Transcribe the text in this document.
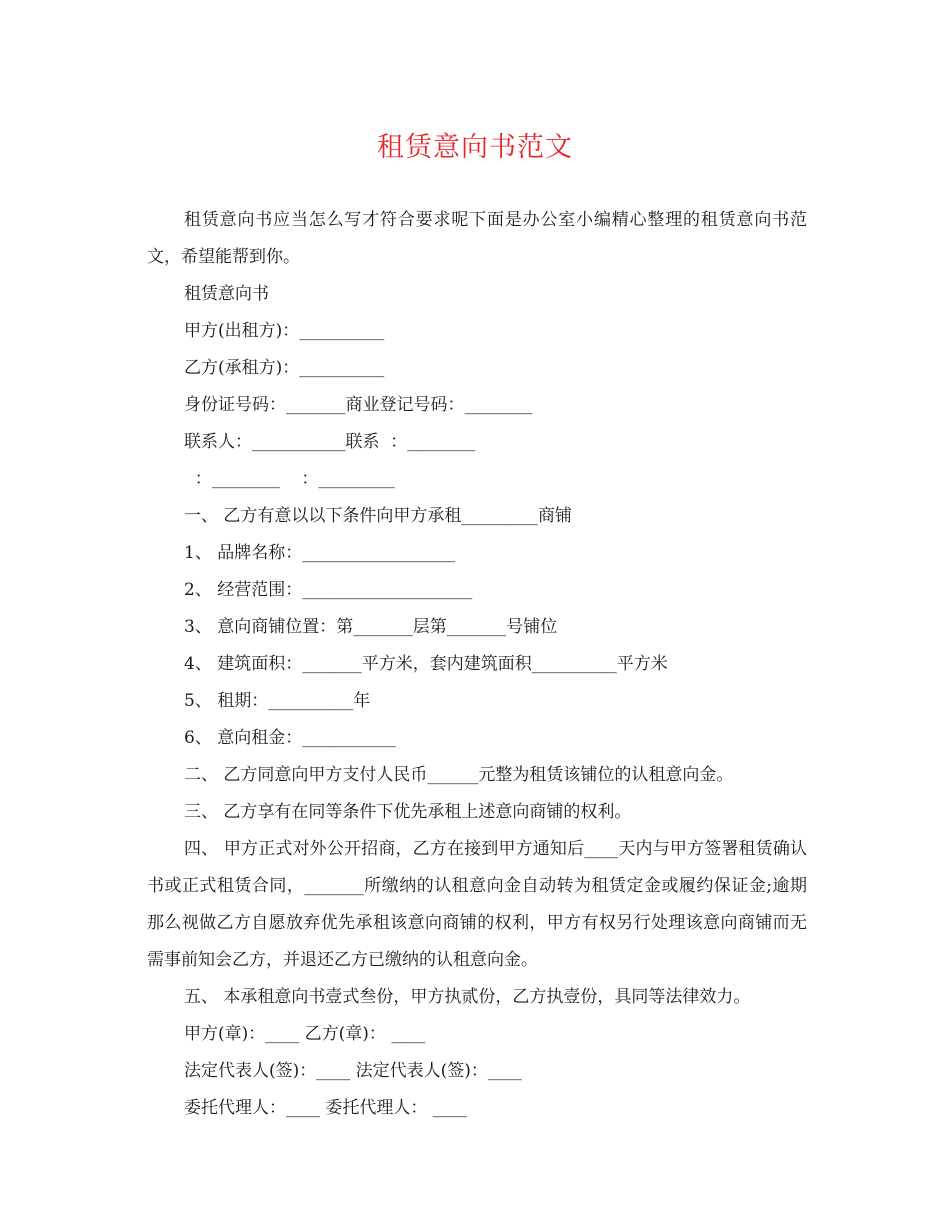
租赁意向书范文

租赁意向书应当怎么写才符合要求呢下面是办公室小编精心整理的租赁意向书范文，希望能帮到你。

租赁意向书

甲方(出租方)：__________

乙方(承租方)：__________

身份证号码：_______商业登记号码：________

联系人：___________联系  ：________

：________    ：_________

一、 乙方有意以以下条件向甲方承租_________商铺

1、 品牌名称：__________________

2、 经营范围：____________________

3、 意向商铺位置：第_______层第_______号铺位

4、 建筑面积：_______平方米，套内建筑面积__________平方米

5、 租期：__________年

6、 意向租金：___________

二、 乙方同意向甲方支付人民币______元整为租赁该铺位的认租意向金。

三、 乙方享有在同等条件下优先承租上述意向商铺的权利。

四、 甲方正式对外公开招商，乙方在接到甲方通知后____天内与甲方签署租赁确认书或正式租赁合同，_______所缴纳的认租意向金自动转为租赁定金或履约保证金;逾期那么视做乙方自愿放弃优先承租该意向商铺的权利，甲方有权另行处理该意向商铺而无需事前知会乙方，并退还乙方已缴纳的认租意向金。

五、 本承租意向书壹式叁份，甲方执贰份，乙方执壹份，具同等法律效力。

甲方(章)：____ 乙方(章)： ____

法定代表人(签)：____ 法定代表人(签)：____

委托代理人：____ 委托代理人： ____
